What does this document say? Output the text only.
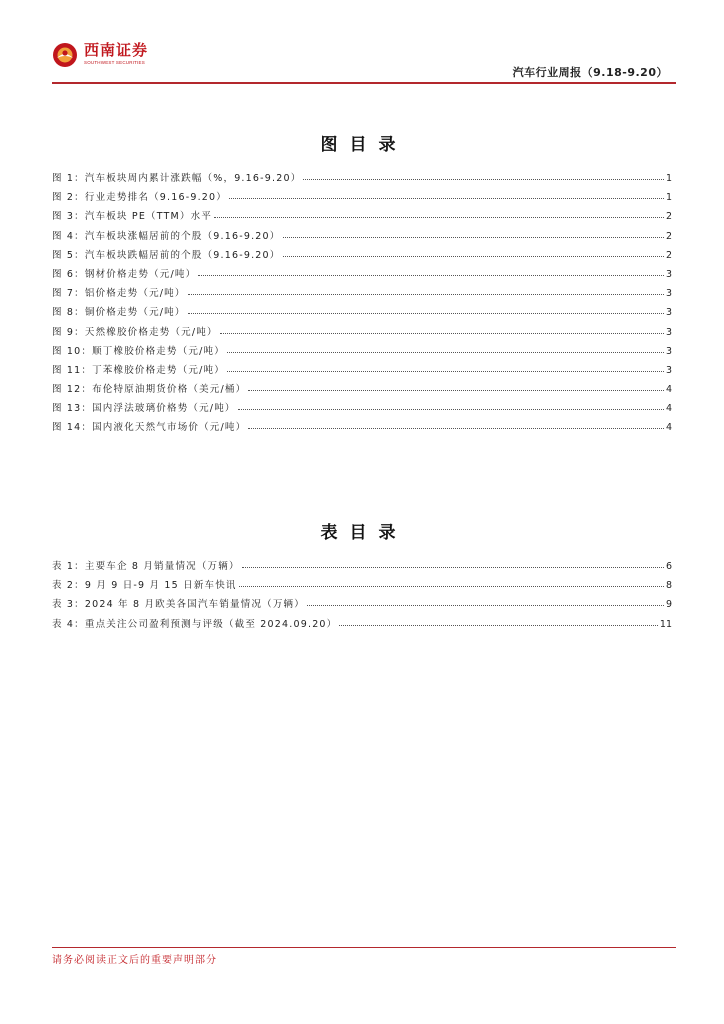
西南证券
SOUTHWEST SECURITIES
汽车行业周报（9.18-9.20）
图目录
图 1：汽车板块周内累计涨跌幅（%，9.16-9.20）	1
图 2：行业走势排名（9.16-9.20）	1
图 3：汽车板块 PE（TTM）水平	2
图 4：汽车板块涨幅居前的个股（9.16-9.20）	2
图 5：汽车板块跌幅居前的个股（9.16-9.20）	2
图 6：钢材价格走势（元/吨）	3
图 7：铝价格走势（元/吨）	3
图 8：铜价格走势（元/吨）	3
图 9：天然橡胶价格走势（元/吨）	3
图 10：顺丁橡胶价格走势（元/吨）	3
图 11：丁苯橡胶价格走势（元/吨）	3
图 12：布伦特原油期货价格（美元/桶）	4
图 13：国内浮法玻璃价格势（元/吨）	4
图 14：国内液化天然气市场价（元/吨）	4
表目录
表 1：主要车企 8 月销量情况（万辆）	6
表 2：9 月 9 日-9 月 15 日新车快讯	8
表 3：2024 年 8 月欧美各国汽车销量情况（万辆）	9
表 4：重点关注公司盈利预测与评级（截至 2024.09.20）	11
请务必阅读正文后的重要声明部分
